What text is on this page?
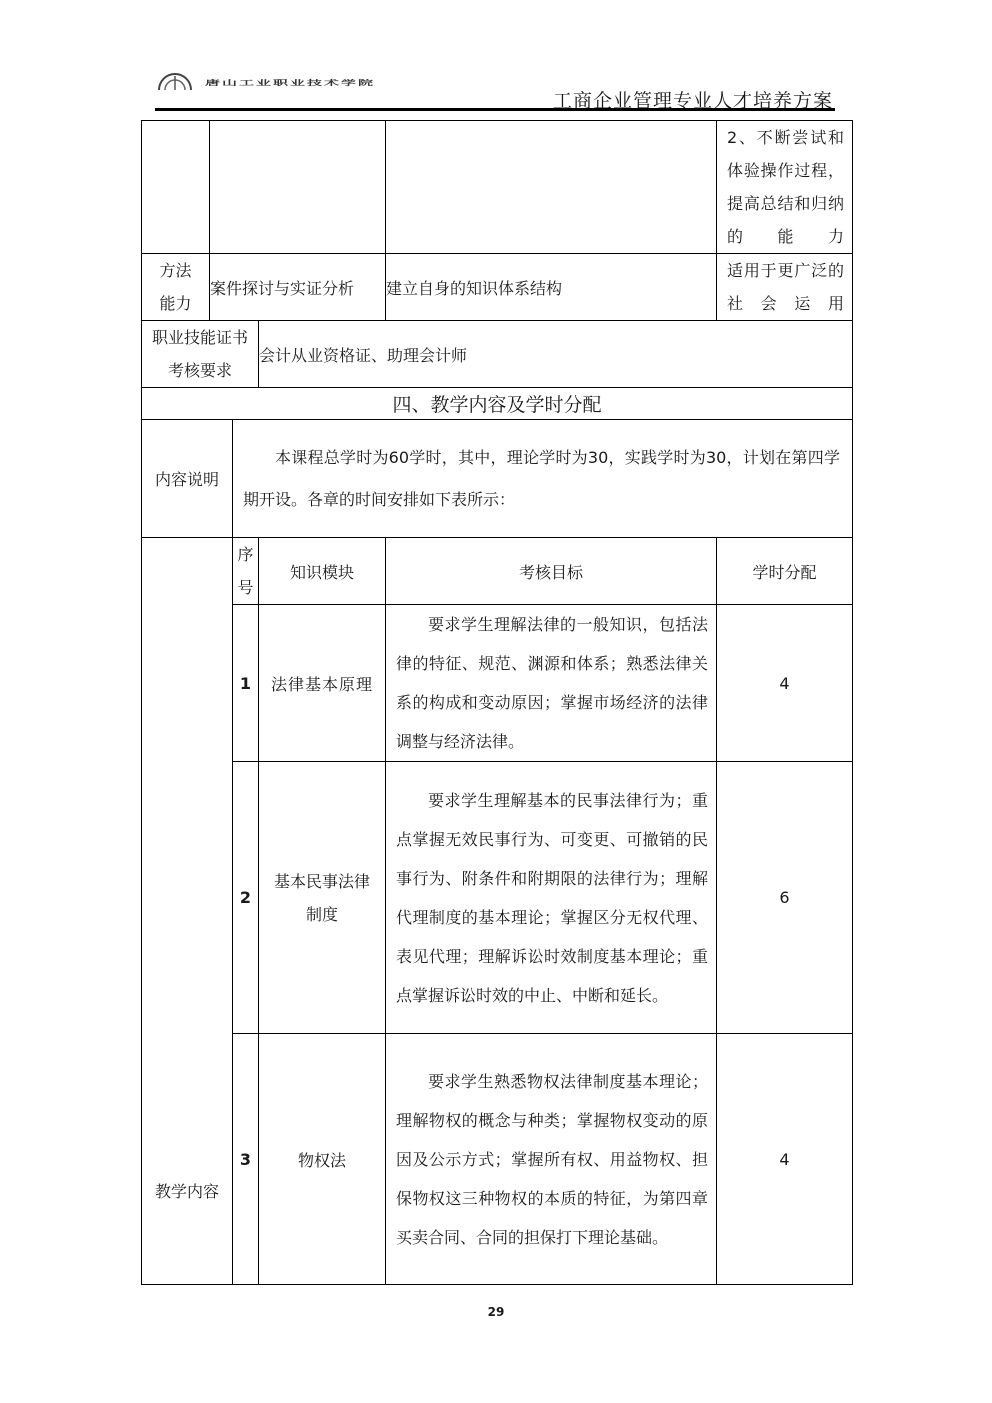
唐山工业职业技术学院
工商企业管理专业人才培养方案
					2、不断尝试和体验操作过程，提高总结和归纳的能力
方法能力	案件探讨与实证分析			建立自身的知识体系结构	适用于更广泛的社会运用
职业技能证书考核要求			会计从业资格证、助理会计师		
四、教学内容及学时分配					
内容说明		本课程总学时为60学时，其中，理论学时为30，实践学时为30，计划在第四学期开设。各章的时间安排如下表所示：			
教学内容		序号	知识模块	考核目标	学时分配
		1	法律基本原理	要求学生理解法律的一般知识，包括法律的特征、规范、渊源和体系；熟悉法律关系的构成和变动原因；掌握市场经济的法律调整与经济法律。	4
		2	基本民事法律制度	要求学生理解基本的民事法律行为；重点掌握无效民事行为、可变更、可撤销的民事行为、附条件和附期限的法律行为；理解代理制度的基本理论；掌握区分无权代理、表见代理；理解诉讼时效制度基本理论；重点掌握诉讼时效的中止、中断和延长。	6
		3	物权法	要求学生熟悉物权法律制度基本理论；理解物权的概念与种类；掌握物权变动的原因及公示方式；掌握所有权、用益物权、担保物权这三种物权的本质的特征，为第四章买卖合同、合同的担保打下理论基础。	4
29
